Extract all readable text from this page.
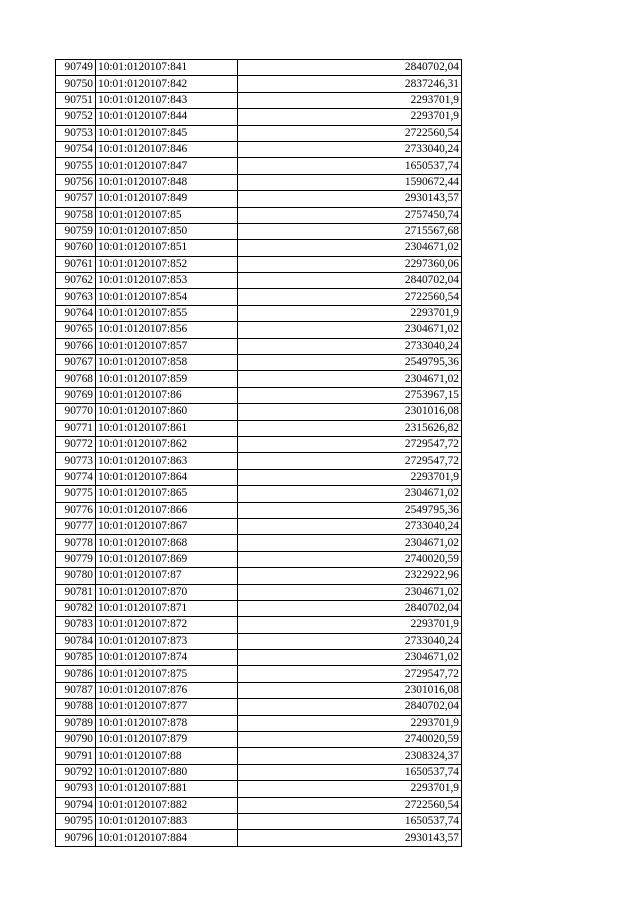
90749	10:01:0120107:841	2840702,04
90750	10:01:0120107:842	2837246,31
90751	10:01:0120107:843	2293701,9
90752	10:01:0120107:844	2293701,9
90753	10:01:0120107:845	2722560,54
90754	10:01:0120107:846	2733040,24
90755	10:01:0120107:847	1650537,74
90756	10:01:0120107:848	1590672,44
90757	10:01:0120107:849	2930143,57
90758	10:01:0120107:85	2757450,74
90759	10:01:0120107:850	2715567,68
90760	10:01:0120107:851	2304671,02
90761	10:01:0120107:852	2297360,06
90762	10:01:0120107:853	2840702,04
90763	10:01:0120107:854	2722560,54
90764	10:01:0120107:855	2293701,9
90765	10:01:0120107:856	2304671,02
90766	10:01:0120107:857	2733040,24
90767	10:01:0120107:858	2549795,36
90768	10:01:0120107:859	2304671,02
90769	10:01:0120107:86	2753967,15
90770	10:01:0120107:860	2301016,08
90771	10:01:0120107:861	2315626,82
90772	10:01:0120107:862	2729547,72
90773	10:01:0120107:863	2729547,72
90774	10:01:0120107:864	2293701,9
90775	10:01:0120107:865	2304671,02
90776	10:01:0120107:866	2549795,36
90777	10:01:0120107:867	2733040,24
90778	10:01:0120107:868	2304671,02
90779	10:01:0120107:869	2740020,59
90780	10:01:0120107:87	2322922,96
90781	10:01:0120107:870	2304671,02
90782	10:01:0120107:871	2840702,04
90783	10:01:0120107:872	2293701,9
90784	10:01:0120107:873	2733040,24
90785	10:01:0120107:874	2304671,02
90786	10:01:0120107:875	2729547,72
90787	10:01:0120107:876	2301016,08
90788	10:01:0120107:877	2840702,04
90789	10:01:0120107:878	2293701,9
90790	10:01:0120107:879	2740020,59
90791	10:01:0120107:88	2308324,37
90792	10:01:0120107:880	1650537,74
90793	10:01:0120107:881	2293701,9
90794	10:01:0120107:882	2722560,54
90795	10:01:0120107:883	1650537,74
90796	10:01:0120107:884	2930143,57
